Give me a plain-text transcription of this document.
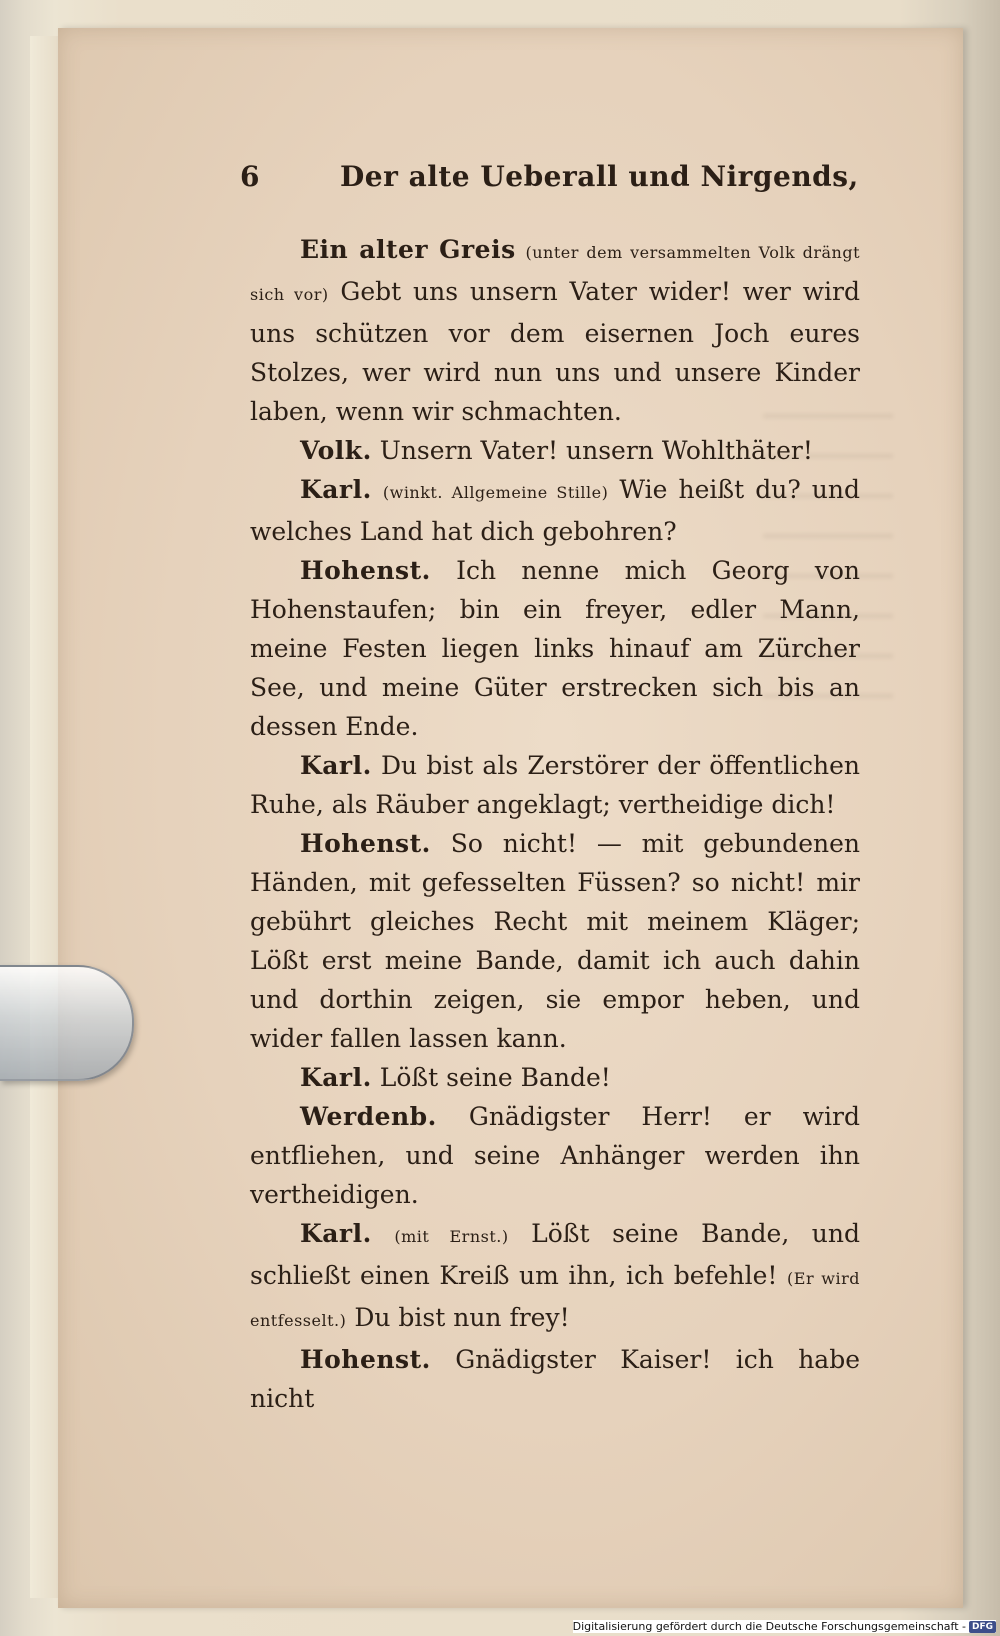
6	Der alte Ueberall und Nirgends,

Ein alter Greis (unter dem versammelten Volk drängt sich vor) Gebt uns unsern Vater wider! wer wird uns schützen vor dem eisernen Joch eures Stolzes, wer wird nun uns und unsere Kinder laben, wenn wir schmachten.

Volk. Unsern Vater! unsern Wohlthäter!

Karl. (winkt. Allgemeine Stille) Wie heißt du? und welches Land hat dich gebohren?

Hohenst. Ich nenne mich Georg von Hohenstaufen; bin ein freyer, edler Mann, meine Festen liegen links hinauf am Zürcher See, und meine Güter erstrecken sich bis an dessen Ende.

Karl. Du bist als Zerstörer der öffentlichen Ruhe, als Räuber angeklagt; vertheidige dich!

Hohenst. So nicht! — mit gebundenen Händen, mit gefesselten Füssen? so nicht! mir gebührt gleiches Recht mit meinem Kläger; Lößt erst meine Bande, damit ich auch dahin und dorthin zeigen, sie empor heben, und wider fallen lassen kann.

Karl. Lößt seine Bande!

Werdenb. Gnädigster Herr! er wird entfliehen, und seine Anhänger werden ihn vertheidigen.

Karl. (mit Ernst.) Lößt seine Bande, und schließt einen Kreiß um ihn, ich befehle! (Er wird entfesselt.) Du bist nun frey!

Hohenst. Gnädigster Kaiser! ich habe nicht

Digitalisierung gefördert durch die Deutsche Forschungsgemeinschaft - DFG
